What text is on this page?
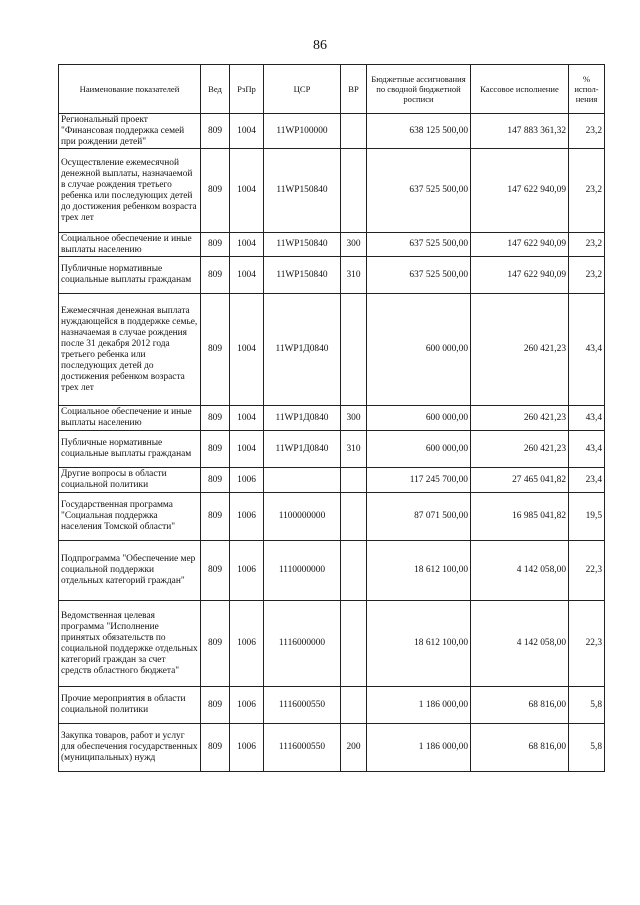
86
Наименование показателей	Вед	РзПр	ЦСР	ВР	Бюджетные ассигнования по сводной бюджетной росписи	Кассовое исполнение	% испол- нения
Региональный проект "Финансовая поддержка семей при рождении детей"	809	1004	11WP100000		638 125 500,00	147 883 361,32	23,2
Осуществление ежемесячной денежной выплаты, назначаемой в случае рождения третьего ребенка или последующих детей до достижения ребенком возраста трех лет	809	1004	11WP150840		637 525 500,00	147 622 940,09	23,2
Социальное обеспечение и иные выплаты населению	809	1004	11WP150840	300	637 525 500,00	147 622 940,09	23,2
Публичные нормативные социальные выплаты гражданам	809	1004	11WP150840	310	637 525 500,00	147 622 940,09	23,2
Ежемесячная денежная выплата нуждающейся в поддержке семье, назначаемая в случае рождения после 31 декабря 2012 года третьего ребенка или последующих детей до достижения ребенком возраста трех лет	809	1004	11WP1Д0840		600 000,00	260 421,23	43,4
Социальное обеспечение и иные выплаты населению	809	1004	11WP1Д0840	300	600 000,00	260 421,23	43,4
Публичные нормативные социальные выплаты гражданам	809	1004	11WP1Д0840	310	600 000,00	260 421,23	43,4
Другие вопросы в области социальной политики	809	1006			117 245 700,00	27 465 041,82	23,4
Государственная программа "Социальная поддержка населения Томской области"	809	1006	1100000000		87 071 500,00	16 985 041,82	19,5
Подпрограмма "Обеспечение мер социальной поддержки отдельных категорий граждан"	809	1006	1110000000		18 612 100,00	4 142 058,00	22,3
Ведомственная целевая программа "Исполнение принятых обязательств по социальной поддержке отдельных категорий граждан за счет средств областного бюджета"	809	1006	1116000000		18 612 100,00	4 142 058,00	22,3
Прочие мероприятия в области социальной политики	809	1006	1116000550		1 186 000,00	68 816,00	5,8
Закупка товаров, работ и услуг для обеспечения государственных (муниципальных) нужд	809	1006	1116000550	200	1 186 000,00	68 816,00	5,8
